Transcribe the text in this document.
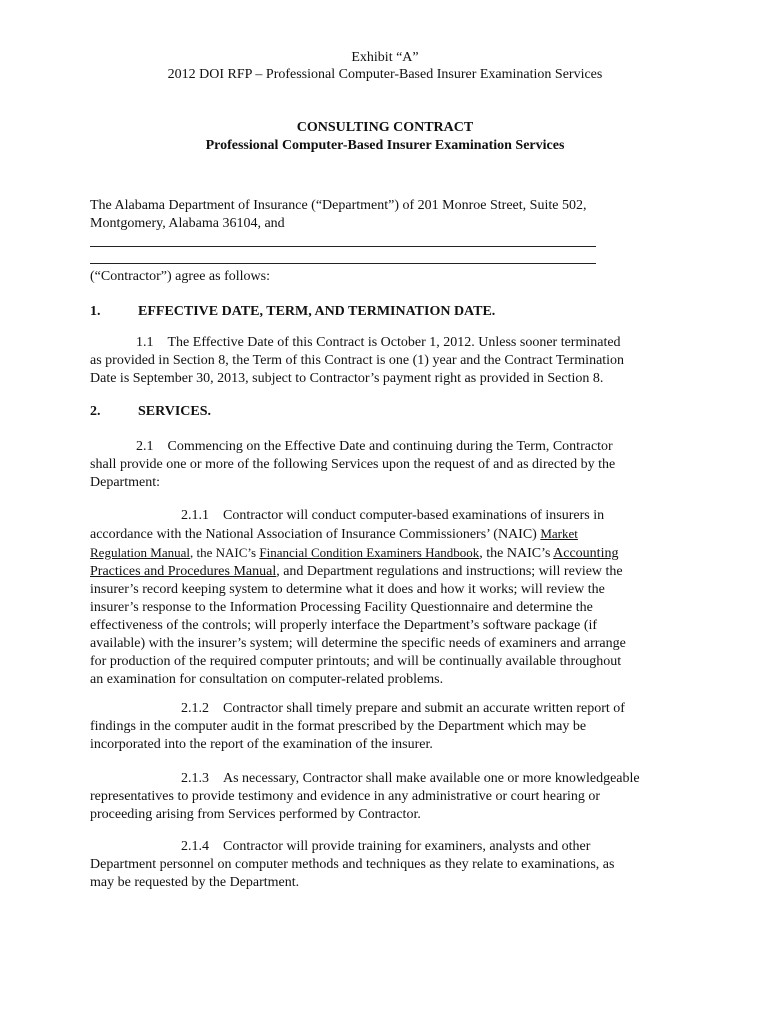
Exhibit “A”
2012 DOI RFP – Professional Computer-Based Insurer Examination Services
CONSULTING CONTRACT
Professional Computer-Based Insurer Examination Services
The Alabama Department of Insurance (“Department”) of 201 Monroe Street, Suite 502,
Montgomery, Alabama 36104, and
(“Contractor”) agree as follows:
1.	EFFECTIVE DATE, TERM, AND TERMINATION DATE.
1.1 The Effective Date of this Contract is October 1, 2012. Unless sooner terminated
as provided in Section 8, the Term of this Contract is one (1) year and the Contract Termination
Date is September 30, 2013, subject to Contractor’s payment right as provided in Section 8.
2.	SERVICES.
2.1 Commencing on the Effective Date and continuing during the Term, Contractor
shall provide one or more of the following Services upon the request of and as directed by the
Department:
2.1.1 Contractor will conduct computer-based examinations of insurers in
accordance with the National Association of Insurance Commissioners’ (NAIC) Market
Regulation Manual, the NAIC’s Financial Condition Examiners Handbook, the NAIC’s Accounting
Practices and Procedures Manual, and Department regulations and instructions; will review the
insurer’s record keeping system to determine what it does and how it works; will review the
insurer’s response to the Information Processing Facility Questionnaire and determine the
effectiveness of the controls; will properly interface the Department’s software package (if
available) with the insurer’s system; will determine the specific needs of examiners and arrange
for production of the required computer printouts; and will be continually available throughout
an examination for consultation on computer-related problems.
2.1.2 Contractor shall timely prepare and submit an accurate written report of
findings in the computer audit in the format prescribed by the Department which may be
incorporated into the report of the examination of the insurer.
2.1.3 As necessary, Contractor shall make available one or more knowledgeable
representatives to provide testimony and evidence in any administrative or court hearing or
proceeding arising from Services performed by Contractor.
2.1.4 Contractor will provide training for examiners, analysts and other
Department personnel on computer methods and techniques as they relate to examinations, as
may be requested by the Department.
